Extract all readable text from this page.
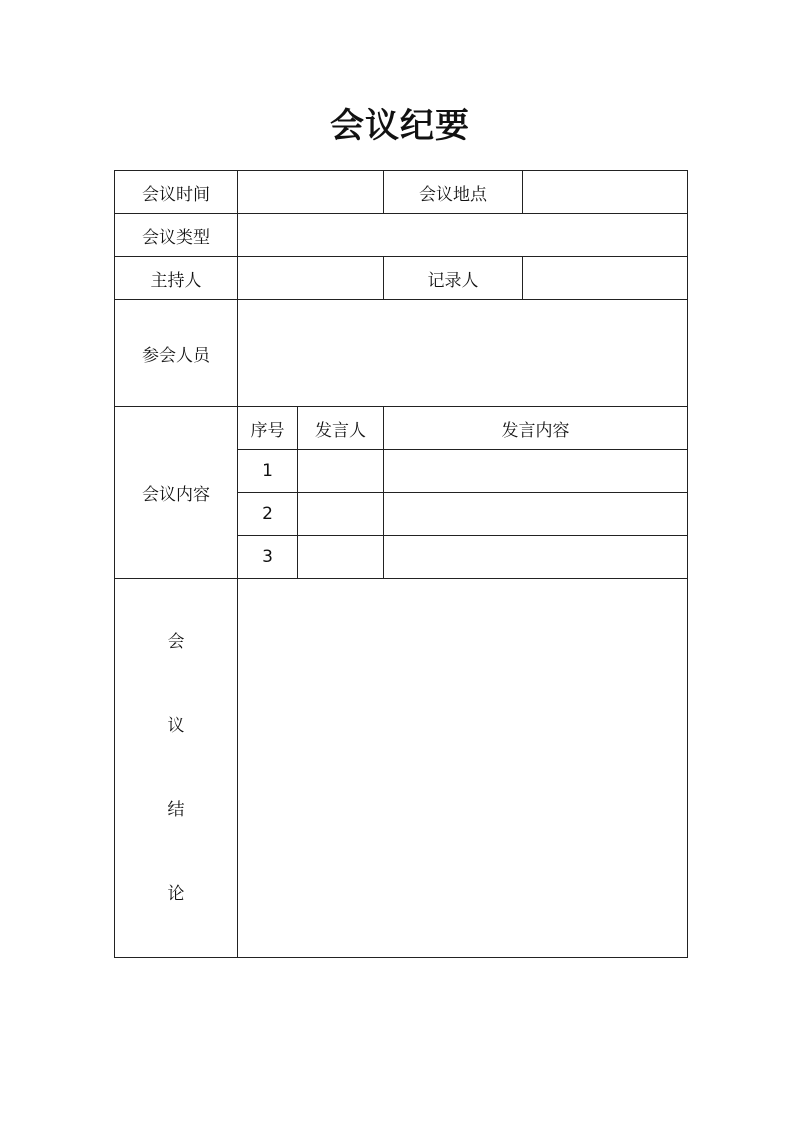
会议纪要
会议时间			会议地点	
会议类型				
主持人			记录人	
参会人员				
会议内容	序号	发言人	发言内容	
	1			
	2			
	3			

会
议
结
论				
